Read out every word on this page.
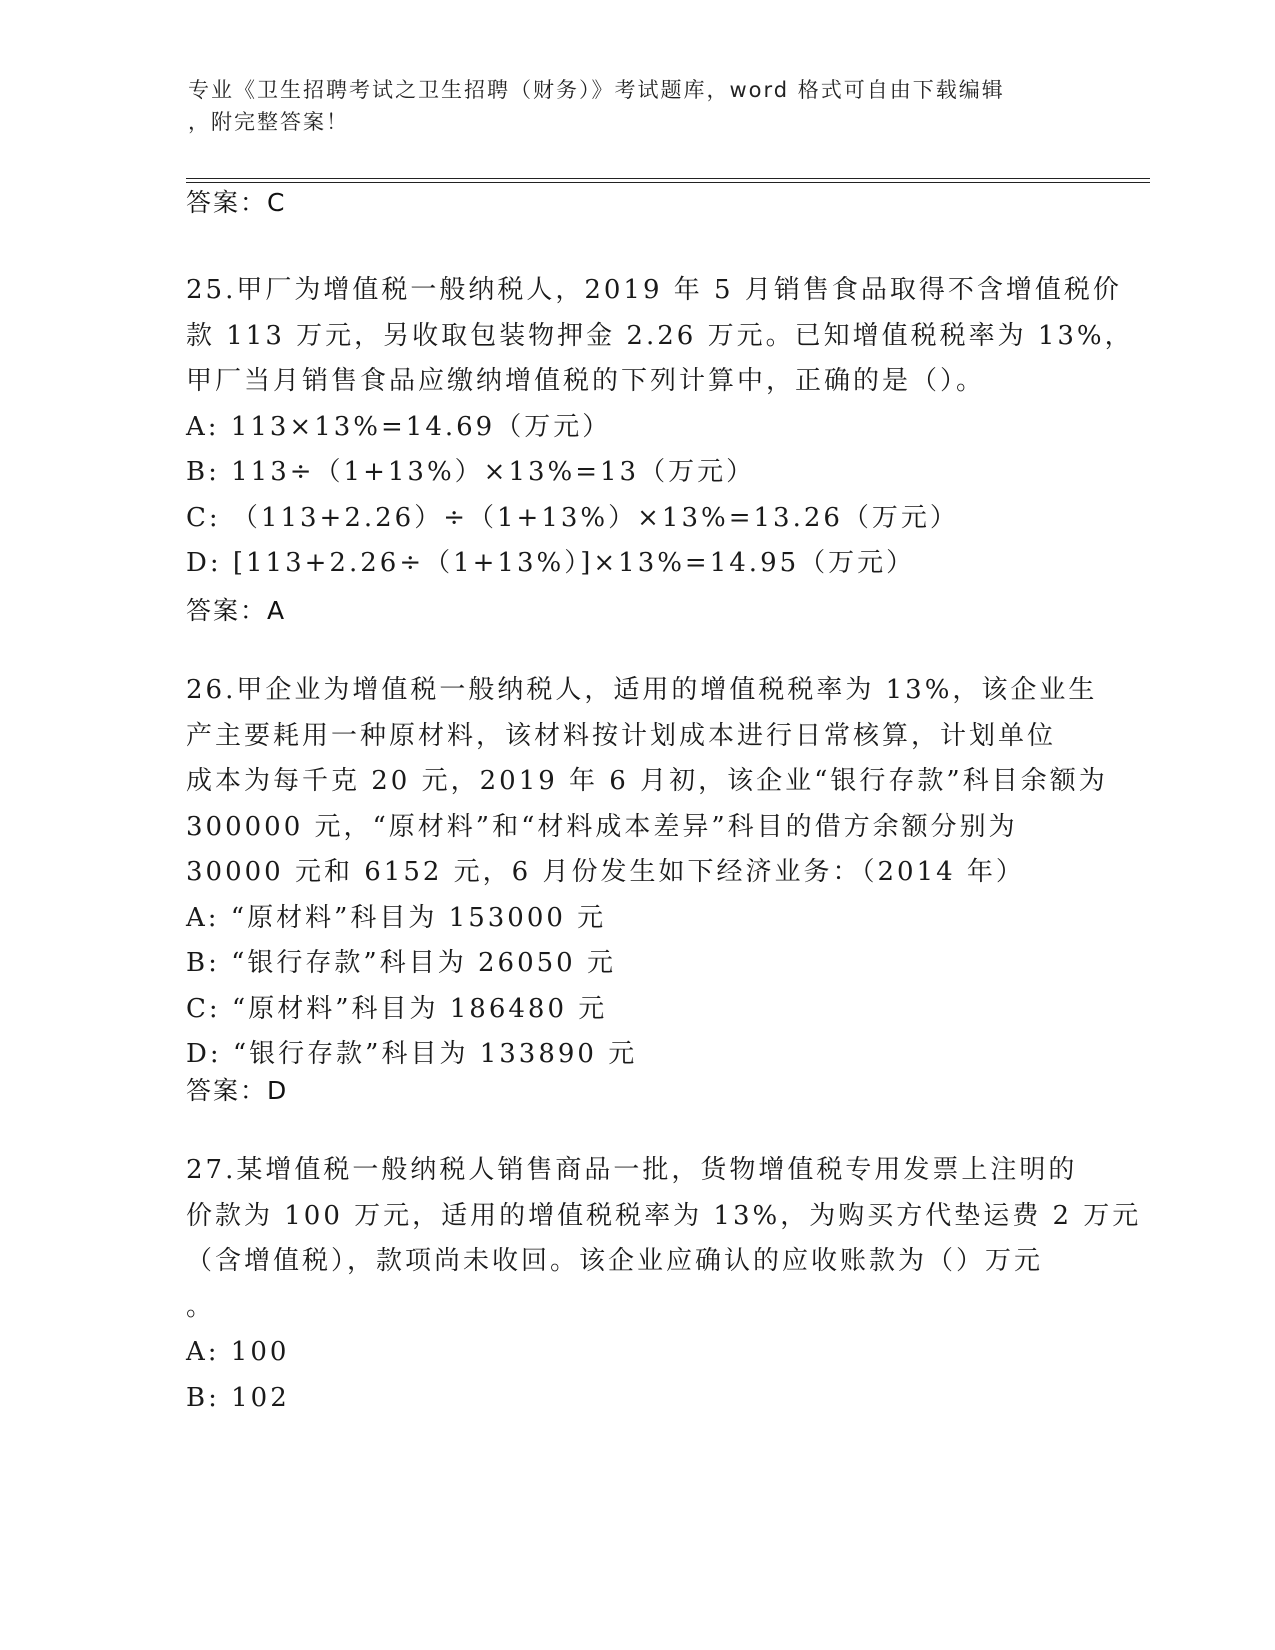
专业《卫生招聘考试之卫生招聘（财务）》考试题库，word 格式可自由下载编辑
，附完整答案！
答案：C

25.甲厂为增值税一般纳税人，2019 年 5 月销售食品取得不含增值税价

款 113 万元，另收取包装物押金 2.26 万元。已知增值税税率为 13%，

甲厂当月销售食品应缴纳增值税的下列计算中，正确的是（）。

A: 113×13%=14.69（万元）

B: 113÷（1+13%）×13%=13（万元）

C: （113+2.26）÷（1+13%）×13%=13.26（万元）

D: [113+2.26÷（1+13%）]×13%=14.95（万元）

答案：A

26.甲企业为增值税一般纳税人，适用的增值税税率为 13%，该企业生

产主要耗用一种原材料，该材料按计划成本进行日常核算，计划单位

成本为每千克 20 元，2019 年 6 月初，该企业“银行存款”科目余额为

300000 元，“原材料”和“材料成本差异”科目的借方余额分别为

30000 元和 6152 元，6 月份发生如下经济业务：（2014 年）

A: “原材料”科目为 153000 元

B: “银行存款”科目为 26050 元

C: “原材料”科目为 186480 元

D: “银行存款”科目为 133890 元

答案：D

27.某增值税一般纳税人销售商品一批，货物增值税专用发票上注明的

价款为 100 万元，适用的增值税税率为 13%，为购买方代垫运费 2 万元

（含增值税），款项尚未收回。该企业应确认的应收账款为（）万元

。

A: 100

B: 102
